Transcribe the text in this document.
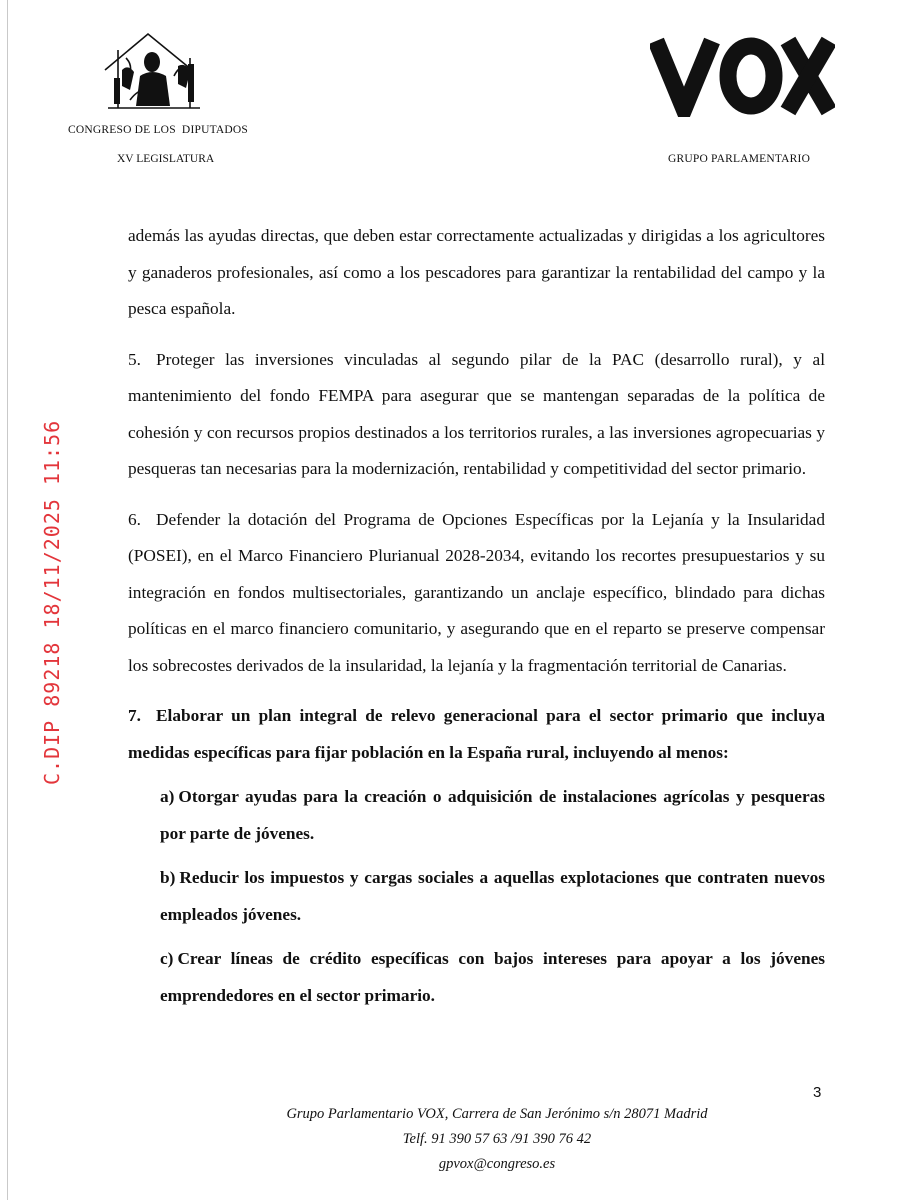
CONGRESO DE LOS  DIPUTADOS
XV LEGISLATURA	GRUPO PARLAMENTARIO
C.DIP 89218 18/11/2025 11:56

además las ayudas directas, que deben estar correctamente actualizadas y dirigidas a los agricultores y ganaderos profesionales, así como a los pescadores para garantizar la rentabilidad del campo y la pesca española.

5. Proteger las inversiones vinculadas al segundo pilar de la PAC (desarrollo rural), y al mantenimiento del fondo FEMPA para asegurar que se mantengan separadas de la política de cohesión y con recursos propios destinados a los territorios rurales, a las inversiones agropecuarias y pesqueras tan necesarias para la modernización, rentabilidad y competitividad del sector primario.

6. Defender la dotación del Programa de Opciones Específicas por la Lejanía y la Insularidad (POSEI), en el Marco Financiero Plurianual 2028-2034, evitando los recortes presupuestarios y su integración en fondos multisectoriales, garantizando un anclaje específico, blindado para dichas políticas en el marco financiero comunitario, y asegurando que en el reparto se preserve compensar los sobrecostes derivados de la insularidad, la lejanía y la fragmentación territorial de Canarias.

7. Elaborar un plan integral de relevo generacional para el sector primario que incluya medidas específicas para fijar población en la España rural, incluyendo al menos:

a) Otorgar ayudas para la creación o adquisición de instalaciones agrícolas y pesqueras por parte de jóvenes.

b) Reducir los impuestos y cargas sociales a aquellas explotaciones que contraten nuevos empleados jóvenes.

c) Crear líneas de crédito específicas con bajos intereses para apoyar a los jóvenes emprendedores en el sector primario.

3
Grupo Parlamentario VOX, Carrera de San Jerónimo s/n 28071 Madrid
Telf. 91 390 57 63 /91 390 76 42
gpvox@congreso.es
